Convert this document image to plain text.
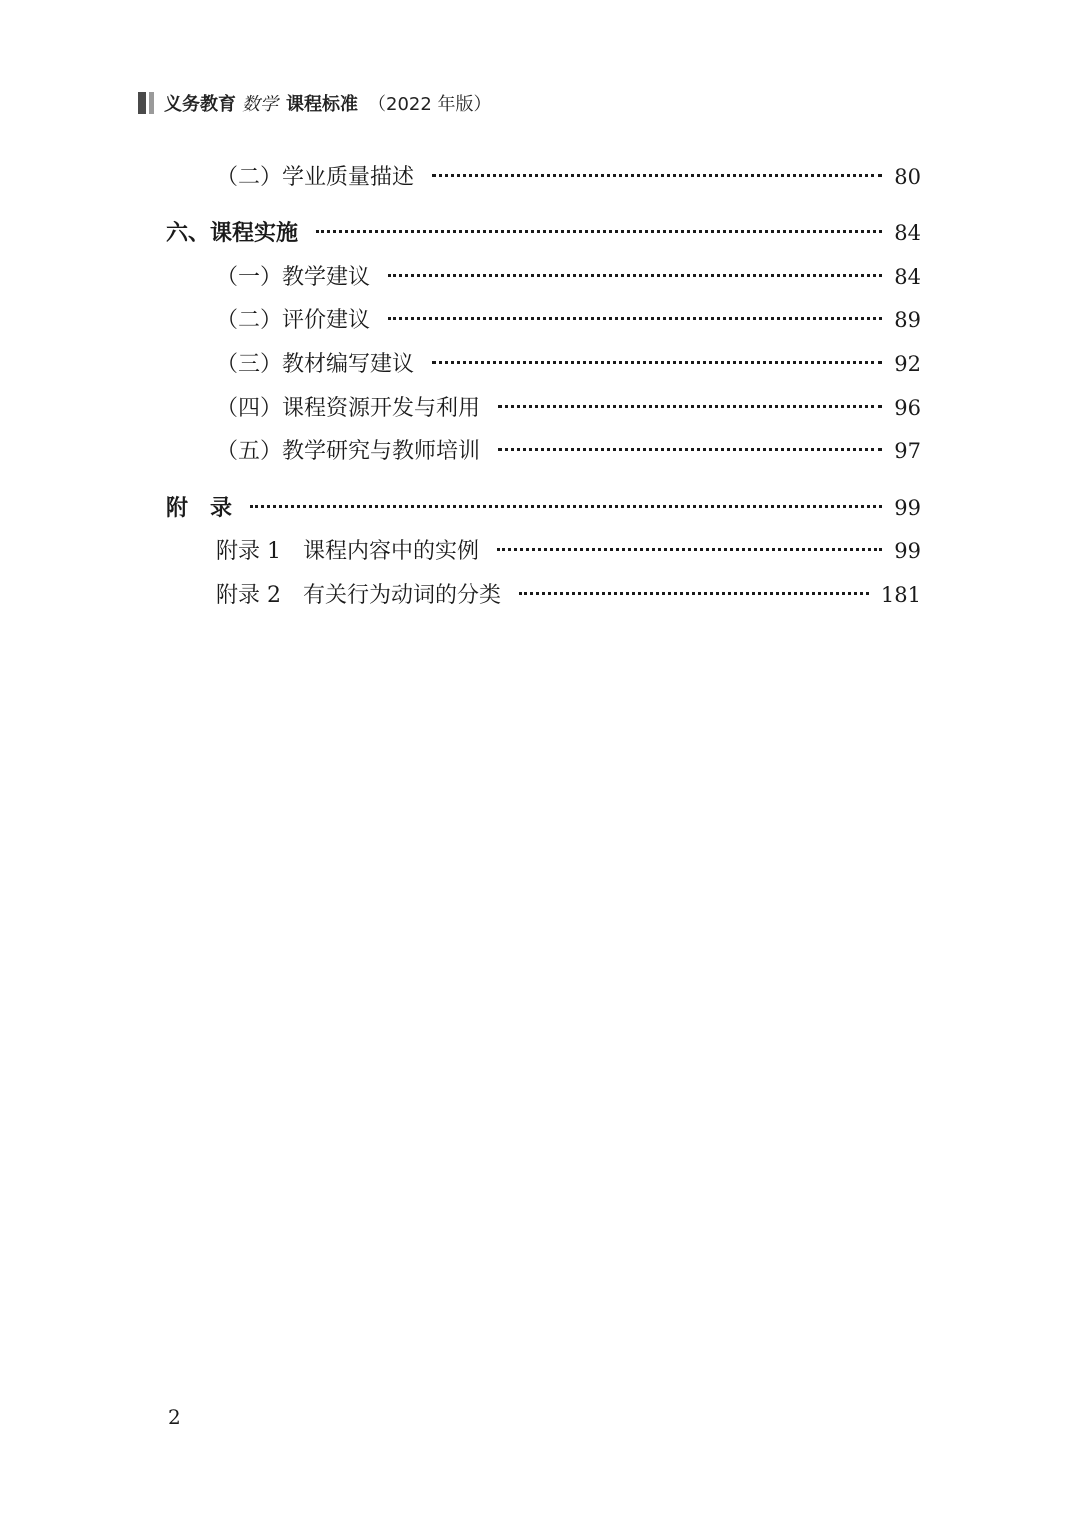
义务教育 数学 课程标准 （2022 年版）
（二）学业质量描述	80
六、课程实施	84
（一）教学建议	84
（二）评价建议	89
（三）教材编写建议	92
（四）课程资源开发与利用	96
（五）教学研究与教师培训	97
附　录	99
附录 1　课程内容中的实例	99
附录 2　有关行为动词的分类	181
2
